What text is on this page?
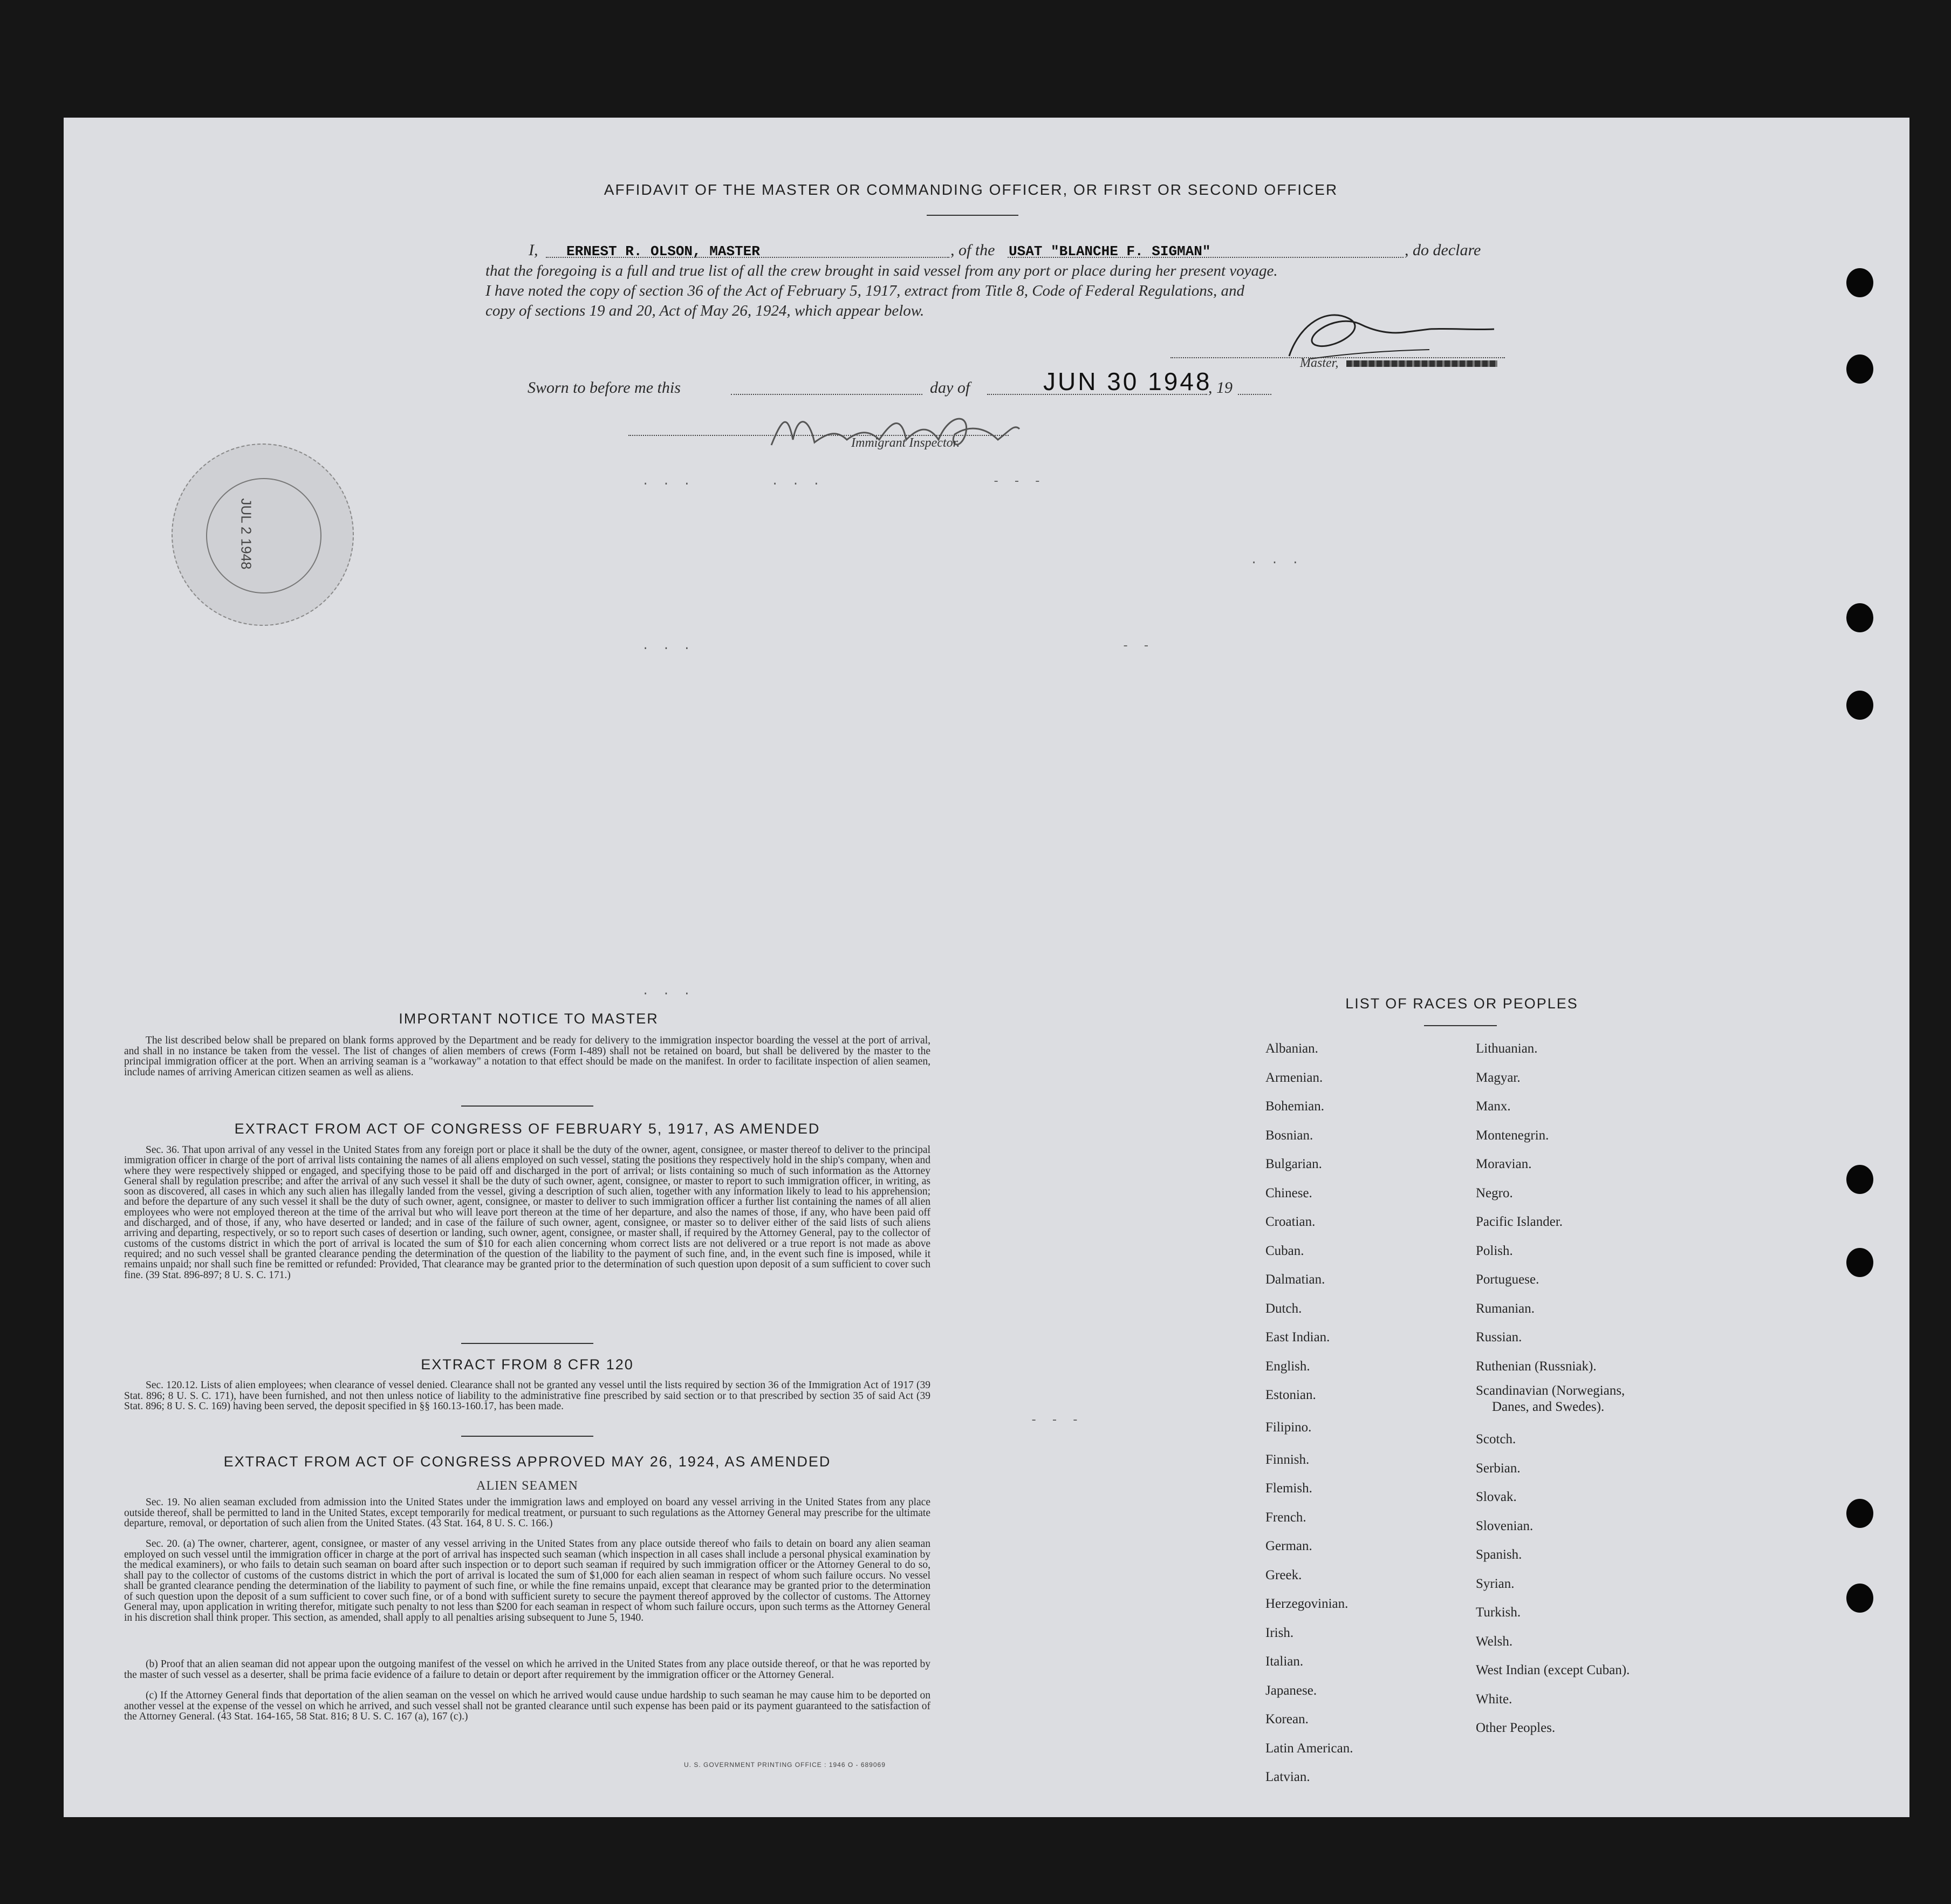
AFFIDAVIT OF THE MASTER OR COMMANDING OFFICER, OR FIRST OR SECOND OFFICER
I, ERNEST R. OLSON, MASTER	, of the USAT "BLANCHE F. SIGMAN"	, do declare
that the foregoing is a full and true list of all the crew brought in said vessel from any port or place during her present voyage.
I have noted the copy of section 36 of the Act of February 5, 1917, extract from Title 8, Code of Federal Regulations, and
copy of sections 19 and 20, Act of May 26, 1924, which appear below.
Master,
Sworn to before me this	day of	JUN 30 1948
, 19
Immigrant Inspector.
JUL 2 1948
. . .	. . .	- - -
. . .
. . .	- -
. . .
- - -
IMPORTANT NOTICE TO MASTER
The list described below shall be prepared on blank forms approved by the Department and be ready for delivery to the immigration inspector boarding the vessel at the port of arrival, and shall in no instance be taken from the vessel. The list of changes of alien members of crews (Form I-489) shall not be retained on board, but shall be delivered by the master to the principal immigration officer at the port. When an arriving seaman is a "workaway" a notation to that effect should be made on the manifest. In order to facilitate inspection of alien seamen, include names of arriving American citizen seamen as well as aliens.
EXTRACT FROM ACT OF CONGRESS OF FEBRUARY 5, 1917, AS AMENDED
Sec. 36. That upon arrival of any vessel in the United States from any foreign port or place it shall be the duty of the owner, agent, consignee, or master thereof to deliver to the principal immigration officer in charge of the port of arrival lists containing the names of all aliens employed on such vessel, stating the positions they respectively hold in the ship's company, when and where they were respectively shipped or engaged, and specifying those to be paid off and discharged in the port of arrival; or lists containing so much of such information as the Attorney General shall by regulation prescribe; and after the arrival of any such vessel it shall be the duty of such owner, agent, consignee, or master to report to such immigration officer, in writing, as soon as discovered, all cases in which any such alien has illegally landed from the vessel, giving a description of such alien, together with any information likely to lead to his apprehension; and before the departure of any such vessel it shall be the duty of such owner, agent, consignee, or master to deliver to such immigration officer a further list containing the names of all alien employees who were not employed thereon at the time of the arrival but who will leave port thereon at the time of her departure, and also the names of those, if any, who have been paid off and discharged, and of those, if any, who have deserted or landed; and in case of the failure of such owner, agent, consignee, or master so to deliver either of the said lists of such aliens arriving and departing, respectively, or so to report such cases of desertion or landing, such owner, agent, consignee, or master shall, if required by the Attorney General, pay to the collector of customs of the customs district in which the port of arrival is located the sum of $10 for each alien concerning whom correct lists are not delivered or a true report is not made as above required; and no such vessel shall be granted clearance pending the determination of the question of the liability to the payment of such fine, and, in the event such fine is imposed, while it remains unpaid; nor shall such fine be remitted or refunded: Provided, That clearance may be granted prior to the determination of such question upon deposit of a sum sufficient to cover such fine. (39 Stat. 896-897; 8 U. S. C. 171.)
EXTRACT FROM 8 CFR 120
Sec. 120.12. Lists of alien employees; when clearance of vessel denied. Clearance shall not be granted any vessel until the lists required by section 36 of the Immigration Act of 1917 (39 Stat. 896; 8 U. S. C. 171), have been furnished, and not then unless notice of liability to the administrative fine prescribed by said section or to that prescribed by section 35 of said Act (39 Stat. 896; 8 U. S. C. 169) having been served, the deposit specified in §§ 160.13-160.17, has been made.
EXTRACT FROM ACT OF CONGRESS APPROVED MAY 26, 1924, AS AMENDED
ALIEN SEAMEN
Sec. 19. No alien seaman excluded from admission into the United States under the immigration laws and employed on board any vessel arriving in the United States from any place outside thereof, shall be permitted to land in the United States, except temporarily for medical treatment, or pursuant to such regulations as the Attorney General may prescribe for the ultimate departure, removal, or deportation of such alien from the United States. (43 Stat. 164, 8 U. S. C. 166.)
Sec. 20. (a) The owner, charterer, agent, consignee, or master of any vessel arriving in the United States from any place outside thereof who fails to detain on board any alien seaman employed on such vessel until the immigration officer in charge at the port of arrival has inspected such seaman (which inspection in all cases shall include a personal physical examination by the medical examiners), or who fails to detain such seaman on board after such inspection or to deport such seaman if required by such immigration officer or the Attorney General to do so, shall pay to the collector of customs of the customs district in which the port of arrival is located the sum of $1,000 for each alien seaman in respect of whom such failure occurs. No vessel shall be granted clearance pending the determination of the liability to payment of such fine, or while the fine remains unpaid, except that clearance may be granted prior to the determination of such question upon the deposit of a sum sufficient to cover such fine, or of a bond with sufficient surety to secure the payment thereof approved by the collector of customs. The Attorney General may, upon application in writing therefor, mitigate such penalty to not less than $200 for each seaman in respect of whom such failure occurs, upon such terms as the Attorney General in his discretion shall think proper. This section, as amended, shall apply to all penalties arising subsequent to June 5, 1940.
(b) Proof that an alien seaman did not appear upon the outgoing manifest of the vessel on which he arrived in the United States from any place outside thereof, or that he was reported by the master of such vessel as a deserter, shall be prima facie evidence of a failure to detain or deport after requirement by the immigration officer or the Attorney General.
(c) If the Attorney General finds that deportation of the alien seaman on the vessel on which he arrived would cause undue hardship to such seaman he may cause him to be deported on another vessel at the expense of the vessel on which he arrived, and such vessel shall not be granted clearance until such expense has been paid or its payment guaranteed to the satisfaction of the Attorney General. (43 Stat. 164-165, 58 Stat. 816; 8 U. S. C. 167 (a), 167 (c).)
U. S. GOVERNMENT PRINTING OFFICE : 1946 O - 689069
LIST OF RACES OR PEOPLES
Albanian.
Armenian.
Bohemian.
Bosnian.
Bulgarian.
Chinese.
Croatian.
Cuban.
Dalmatian.
Dutch.
East Indian.
English.
Estonian.
Filipino.
Finnish.
Flemish.
French.
German.
Greek.
Herzegovinian.
Irish.
Italian.
Japanese.
Korean.
Latin American.
Latvian.
Lithuanian.
Magyar.
Manx.
Montenegrin.
Moravian.
Negro.
Pacific Islander.
Polish.
Portuguese.
Rumanian.
Russian.
Ruthenian (Russniak).
Scandinavian (Norwegians,
Danes, and Swedes).
Scotch.
Serbian.
Slovak.
Slovenian.
Spanish.
Syrian.
Turkish.
Welsh.
West Indian (except Cuban).
White.
Other Peoples.
